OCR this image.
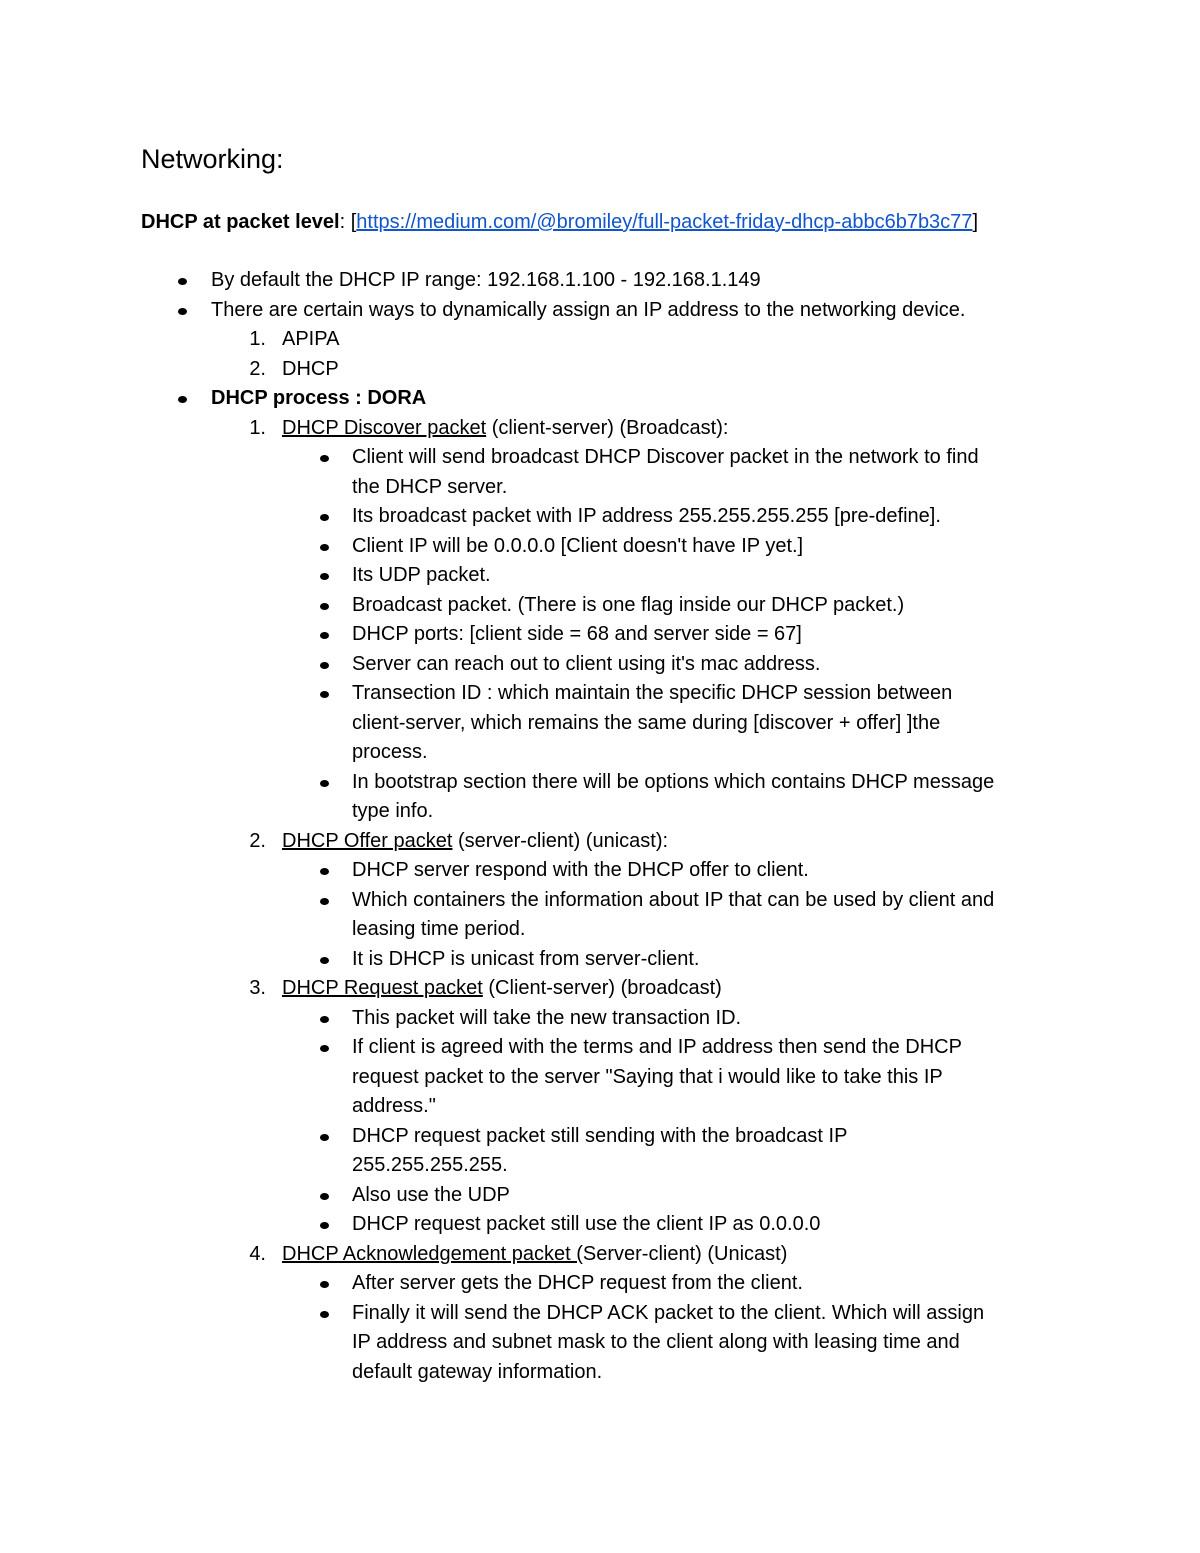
Networking:
DHCP at packet level: [https://medium.com/@bromiley/full-packet-friday-dhcp-abbc6b7b3c77]
By default the DHCP IP range: 192.168.1.100 - 192.168.1.149
There are certain ways to dynamically assign an IP address to the networking device.
1. APIPA
2. DHCP
DHCP process : DORA
1. DHCP Discover packet (client-server) (Broadcast):
Client will send broadcast DHCP Discover packet in the network to find
the DHCP server.
Its broadcast packet with IP address 255.255.255.255 [pre-define].
Client IP will be 0.0.0.0 [Client doesn't have IP yet.]
Its UDP packet.
Broadcast packet. (There is one flag inside our DHCP packet.)
DHCP ports: [client side = 68 and server side = 67]
Server can reach out to client using it's mac address.
Transection ID : which maintain the specific DHCP session between
client-server, which remains the same during [discover + offer] ]the
process.
In bootstrap section there will be options which contains DHCP message
type info.
2. DHCP Offer packet (server-client) (unicast):
DHCP server respond with the DHCP offer to client.
Which containers the information about IP that can be used by client and
leasing time period.
It is DHCP is unicast from server-client.
3. DHCP Request packet (Client-server) (broadcast)
This packet will take the new transaction ID.
If client is agreed with the terms and IP address then send the DHCP
request packet to the server "Saying that i would like to take this IP
address."
DHCP request packet still sending with the broadcast IP
255.255.255.255.
Also use the UDP
DHCP request packet still use the client IP as 0.0.0.0
4. DHCP Acknowledgement packet (Server-client) (Unicast)
After server gets the DHCP request from the client.
Finally it will send the DHCP ACK packet to the client. Which will assign
IP address and subnet mask to the client along with leasing time and
default gateway information.
